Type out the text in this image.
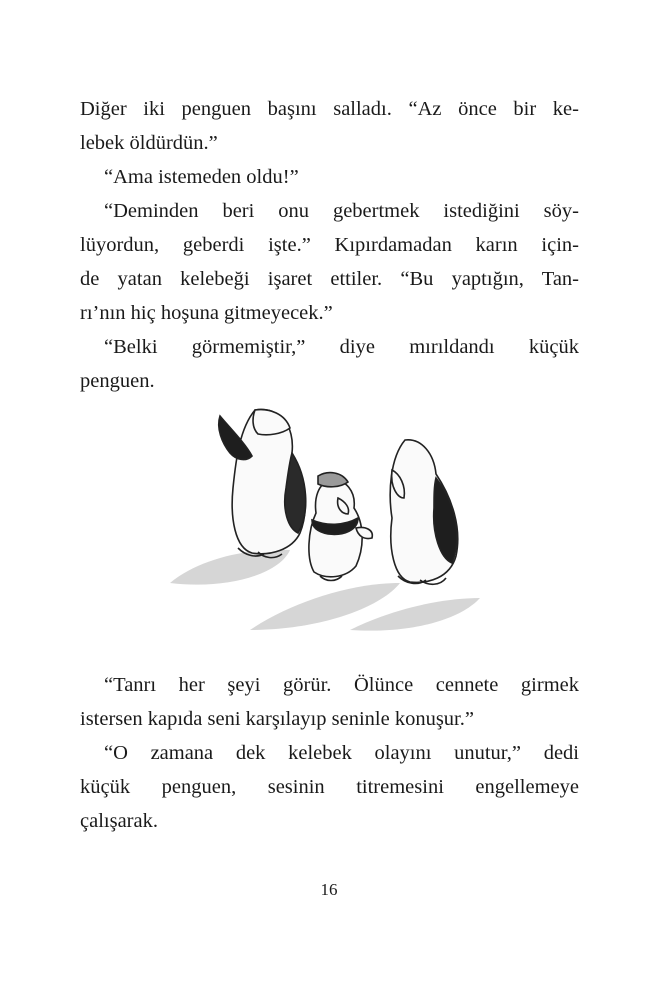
Diğer iki penguen başını salladı. “Az önce bir ke-
lebek öldürdün.”
“Ama istemeden oldu!”
“Deminden beri onu gebertmek istediğini söy-
lüyordun, geberdi işte.” Kıpırdamadan karın için-
de yatan kelebeği işaret ettiler. “Bu yaptığın, Tan-
rı’nın hiç hoşuna gitmeyecek.”
“Belki görmemiştir,” diye mırıldandı küçük
penguen.
“Tanrı her şeyi görür. Ölünce cennete girmek
istersen kapıda seni karşılayıp seninle konuşur.”
“O zamana dek kelebek olayını unutur,” dedi
küçük penguen, sesinin titremesini engellemeye
çalışarak.
16
